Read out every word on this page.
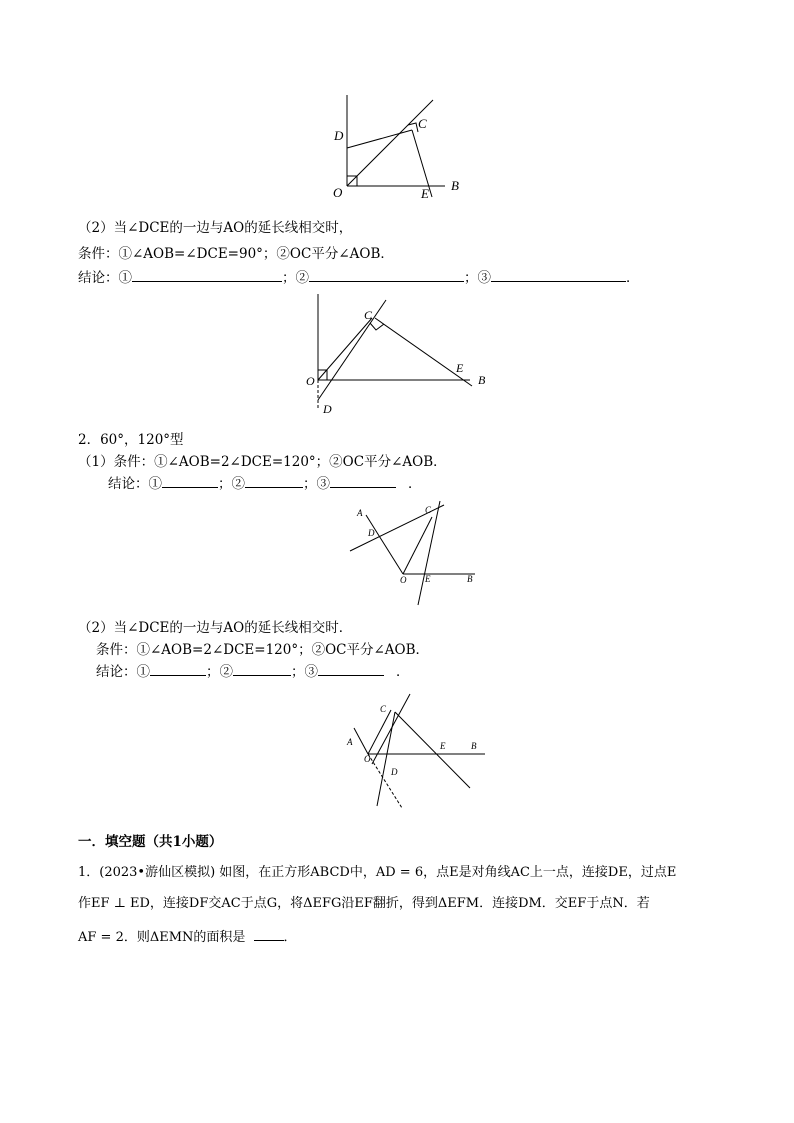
D
C
O	E
B
（2）当∠DCE的一边与AO的延长线相交时，
条件：①∠AOB=∠DCE=90°；②OC平分∠AOB．
结论：①	；②	；③	．
C
E
B
O
D
2．60°，120°型
（1）条件：①∠AOB=2∠DCE=120°；②OC平分∠AOB．
结论：①	；②	；③	．
A	C
D
O E	B
（2）当∠DCE的一边与AO的延长线相交时．
条件：①∠AOB=2∠DCE=120°；②OC平分∠AOB．
结论：①	；②	；③	．
C
A	E	B
O
D
一．填空题（共1小题）
1．(2023•游仙区模拟) 如图，在正方形ABCD中，AD = 6，点E是对角线AC上一点，连接DE，过点E
作EF ⊥ ED，连接DF交AC于点G，将ΔEFG沿EF翻折，得到ΔEFM．连接DM．交EF于点N．若
AF = 2．则ΔEMN的面积是	．
